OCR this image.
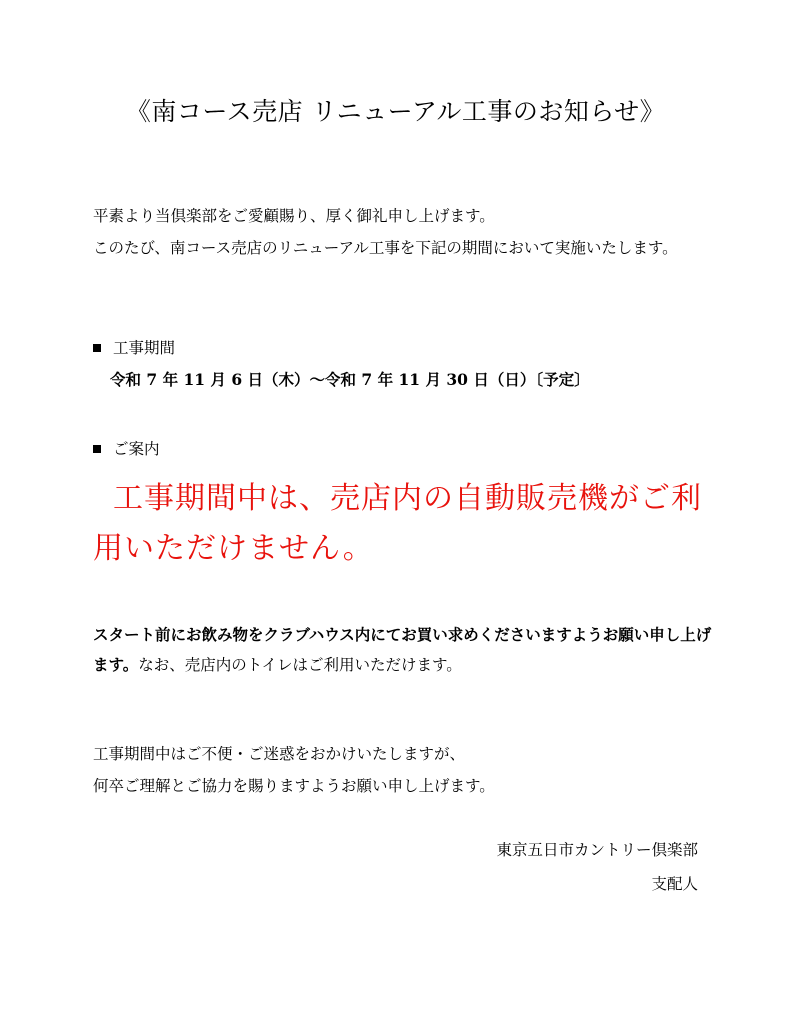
《南コース売店 リニューアル工事のお知らせ》
平素より当倶楽部をご愛顧賜り、厚く御礼申し上げます。
このたび、南コース売店のリニューアル工事を下記の期間において実施いたします。
工事期間
令和 7 年 11 月 6 日（木）～令和 7 年 11 月 30 日（日）〔予定〕
ご案内
工事期間中は、売店内の自動販売機がご利用いただけません。
スタート前にお飲み物をクラブハウス内にてお買い求めくださいますようお願い申し上げます。なお、売店内のトイレはご利用いただけます。
工事期間中はご不便・ご迷惑をおかけいたしますが、
何卒ご理解とご協力を賜りますようお願い申し上げます。
東京五日市カントリー倶楽部
支配人
